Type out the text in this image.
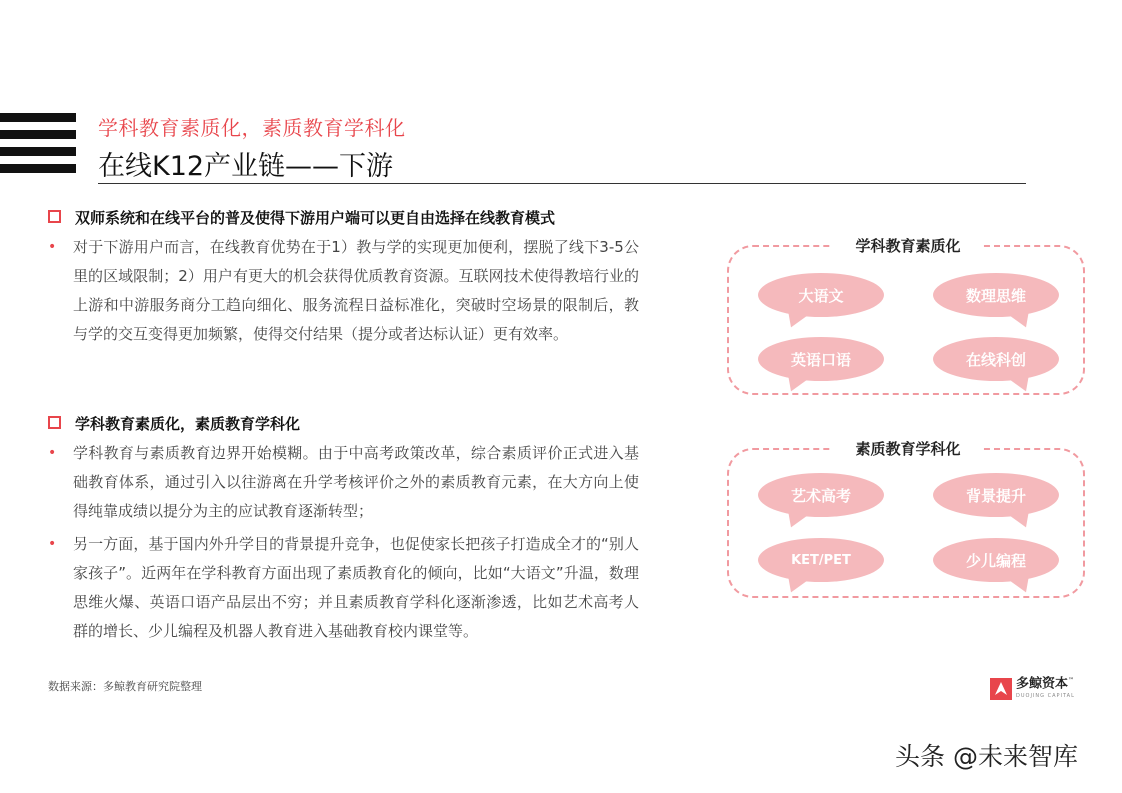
学科教育素质化，素质教育学科化
在线K12产业链——下游
双师系统和在线平台的普及使得下游用户端可以更自由选择在线教育模式
• 对于下游用户而言，在线教育优势在于1）教与学的实现更加便利，摆脱了线下3-5公里的区域限制；2）用户有更大的机会获得优质教育资源。互联网技术使得教培行业的上游和中游服务商分工趋向细化、服务流程日益标准化，突破时空场景的限制后，教与学的交互变得更加频繁，使得交付结果（提分或者达标认证）更有效率。
学科教育素质化，素质教育学科化
• 学科教育与素质教育边界开始模糊。由于中高考政策改革，综合素质评价正式进入基础教育体系，通过引入以往游离在升学考核评价之外的素质教育元素，在大方向上使得纯靠成绩以提分为主的应试教育逐渐转型；
• 另一方面，基于国内外升学目的背景提升竞争，也促使家长把孩子打造成全才的“别人家孩子”。近两年在学科教育方面出现了素质教育化的倾向，比如“大语文”升温，数理思维火爆、英语口语产品层出不穷；并且素质教育学科化逐渐渗透，比如艺术高考人群的增长、少儿编程及机器人教育进入基础教育校内课堂等。
数据来源：多鲸教育研究院整理
学科教育素质化
大语文	数理思维
英语口语	在线科创
素质教育学科化
艺术高考	背景提升
KET/PET	少儿编程
多鲸资本™
DUOJING CAPITAL
头条 @未来智库
